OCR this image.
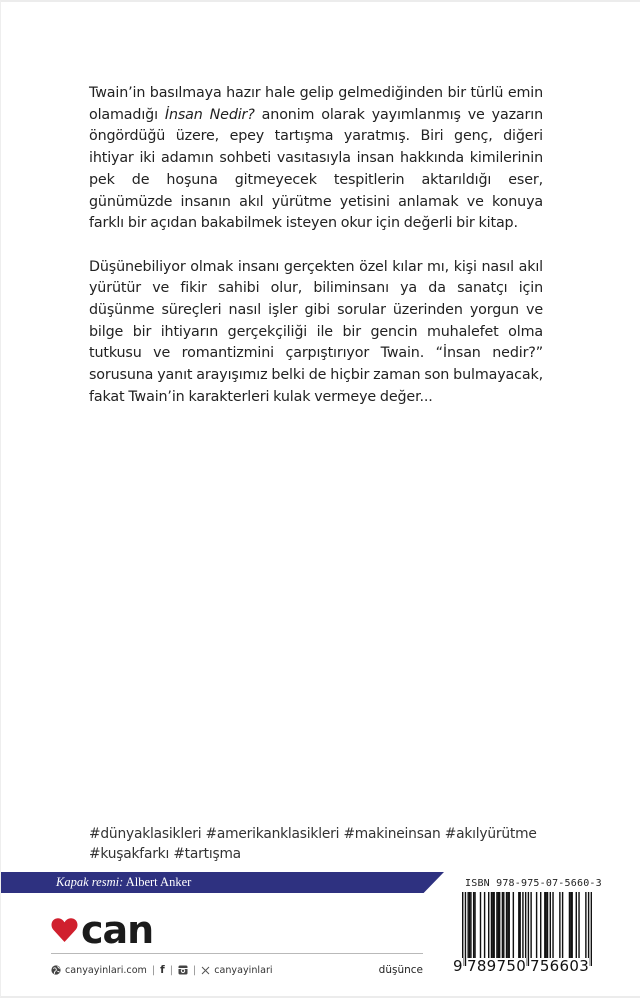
Twain’in basılmaya hazır hale gelip gelmediğinden bir türlü emin olamadığı İnsan Nedir? anonim olarak yayımlanmış ve yazarın öngördüğü üzere, epey tartışma yaratmış. Biri genç, diğeri ihtiyar iki adamın sohbeti vasıtasıyla insan hakkında kimilerinin pek de hoşuna gitmeyecek tespitlerin aktarıldığı eser, günümüzde insanın akıl yürütme yetisini anlamak ve konuya farklı bir açıdan bakabilmek isteyen okur için değerli bir kitap.

Düşünebiliyor olmak insanı gerçekten özel kılar mı, kişi nasıl akıl yürütür ve fikir sahibi olur, biliminsanı ya da sanatçı için düşünme süreçleri nasıl işler gibi sorular üzerinden yorgun ve bilge bir ihtiyarın gerçekçiliği ile bir gencin muhalefet olma tutkusu ve romantizmini çarpıştırıyor Twain. “İnsan nedir?” sorusuna yanıt arayışımız belki de hiçbir zaman son bulmayacak, fakat Twain’in karakterleri kulak vermeye değer...

#dünyaklasikleri #amerikanklasikleri #makineinsan #akılyürütme
#kuşakfarkı #tartışma
Kapak resmi: Albert Anker
can
canyayinlari.com | f | | canyayinlari	düşünce
ISBN 978-975-07-5660-3
9 789750 756603
